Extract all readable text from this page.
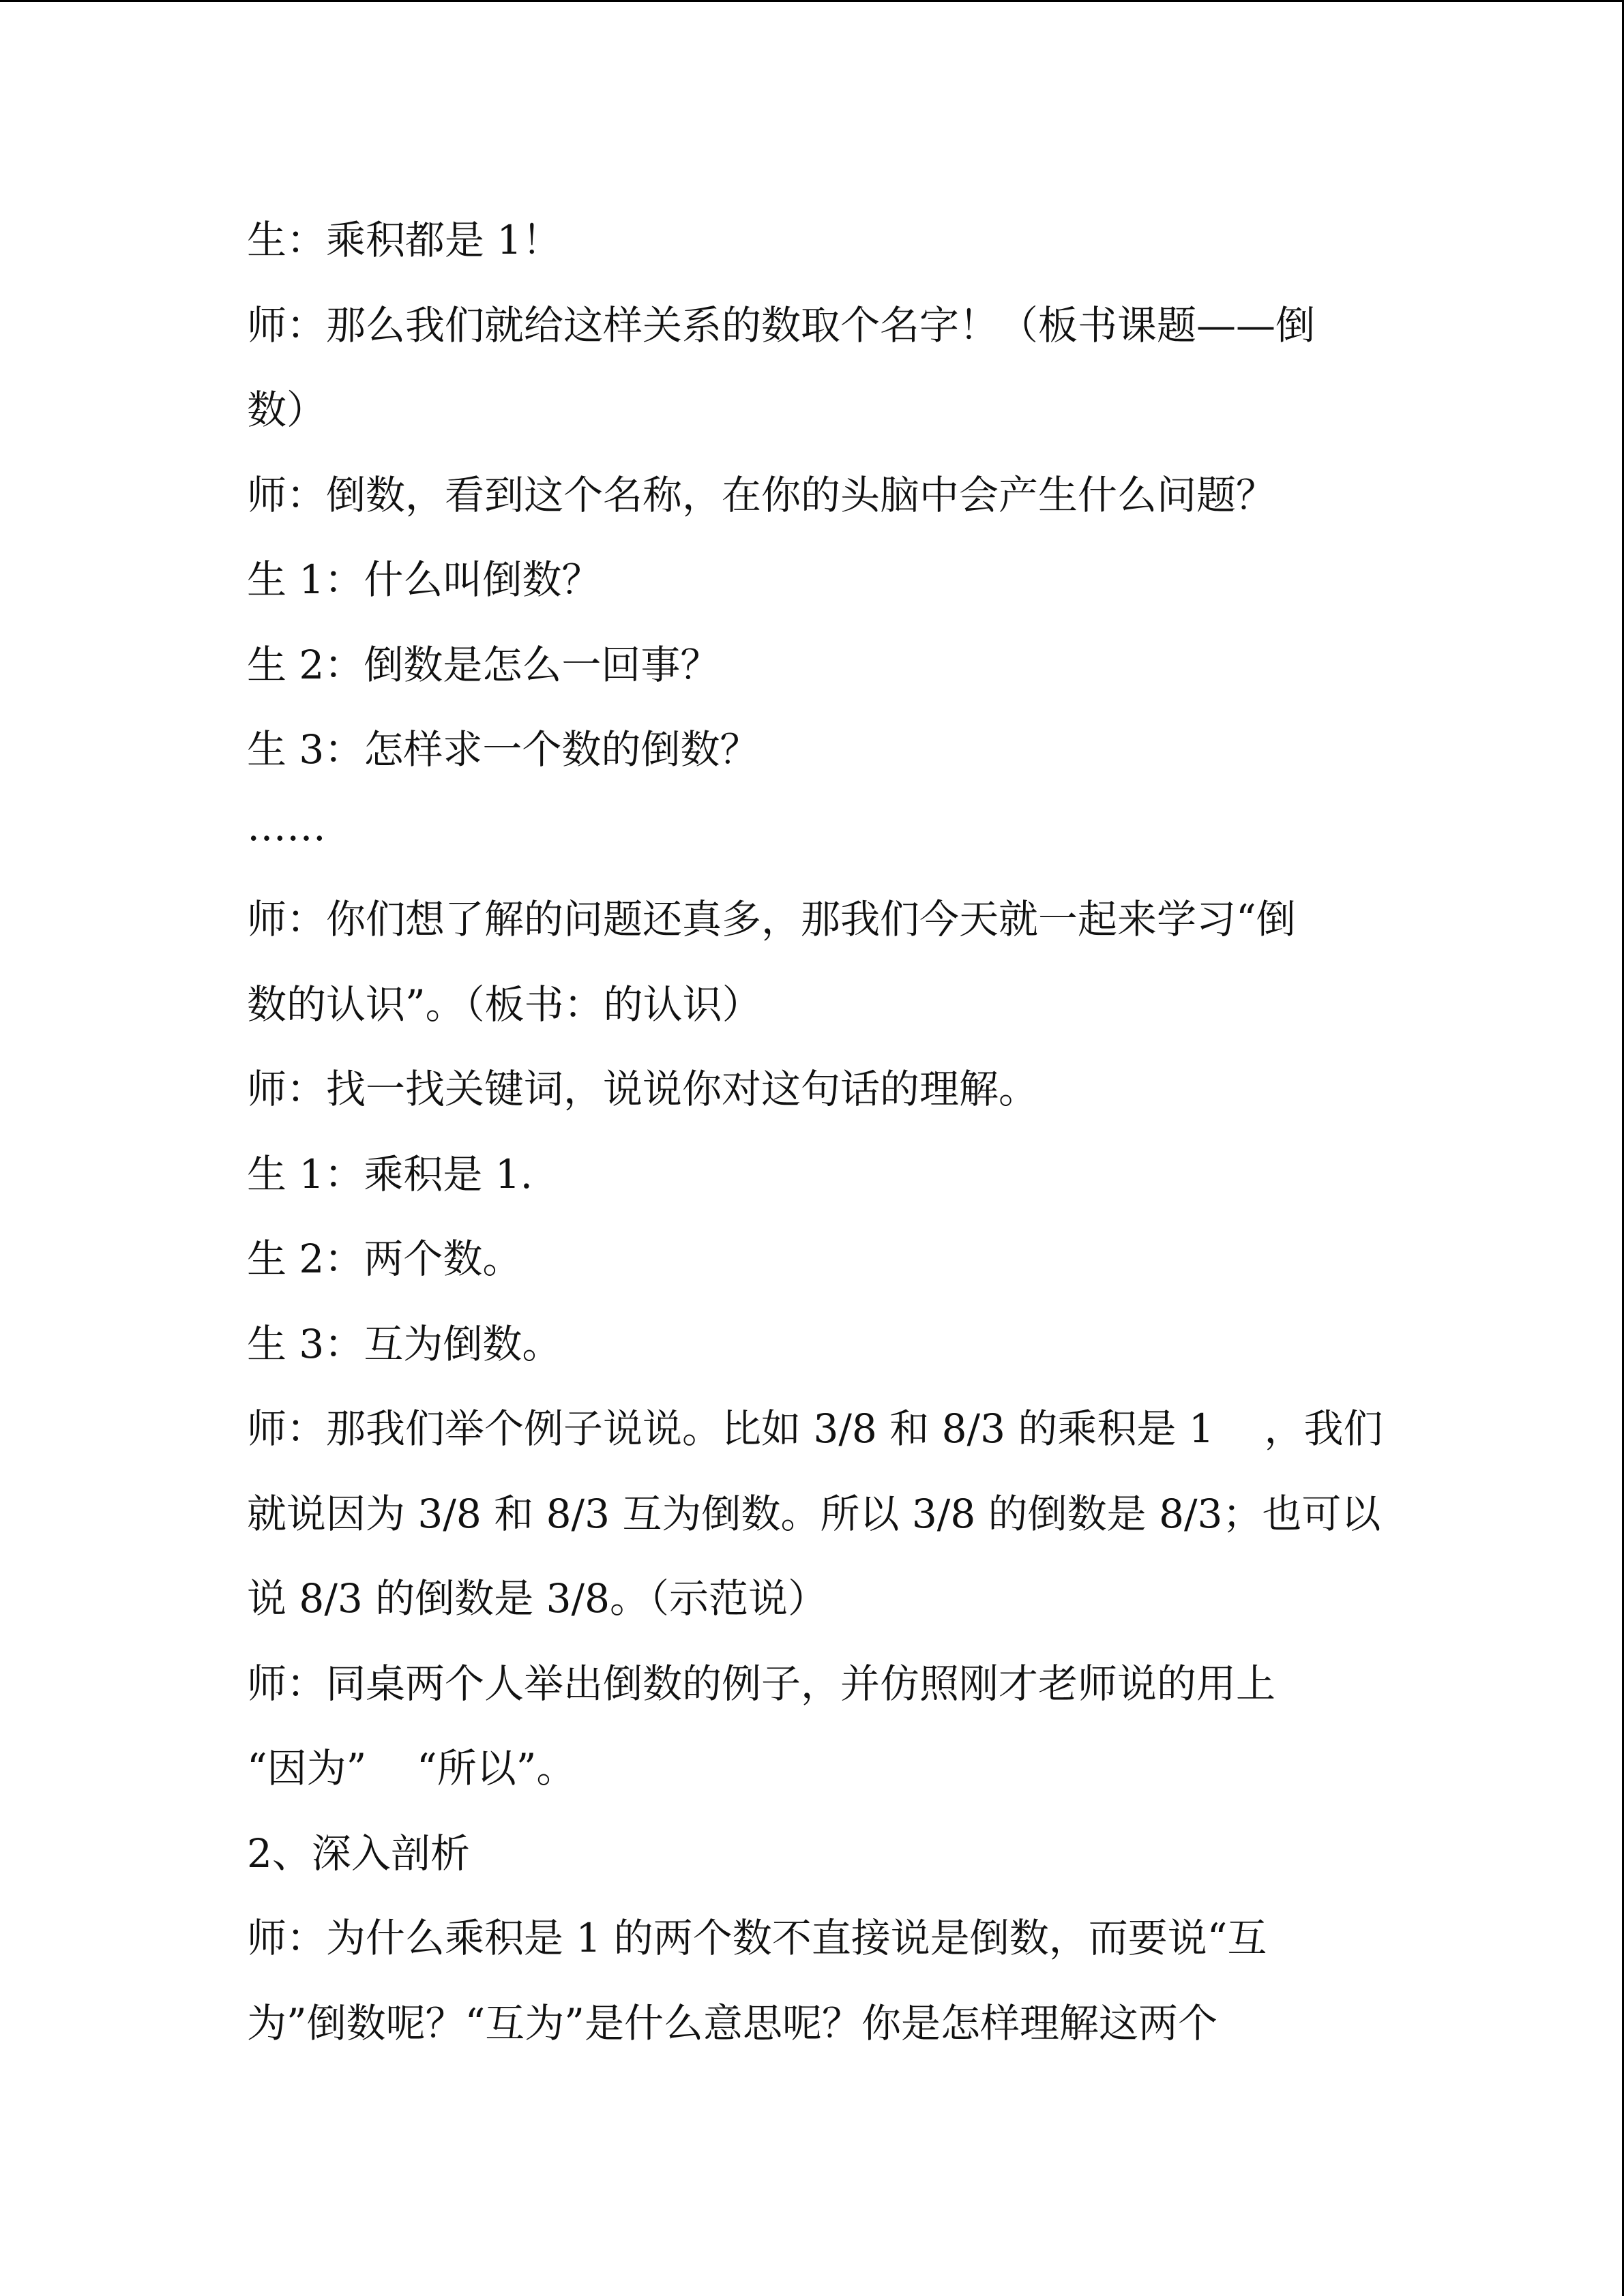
生：乘积都是 1！
师：那么我们就给这样关系的数取个名字！（板书课题——倒
数）
师：倒数，看到这个名称，在你的头脑中会产生什么问题？
生 1：什么叫倒数？
生 2：倒数是怎么一回事？
生 3：怎样求一个数的倒数？
……
师：你们想了解的问题还真多，那我们今天就一起来学习“倒
数的认识”。（板书：的认识）
师：找一找关键词，说说你对这句话的理解。
生 1：乘积是 1.
生 2：两个数。
生 3：互为倒数。
师：那我们举个例子说说。比如 3/8 和 8/3 的乘积是 1    ，我们
就说因为 3/8 和 8/3 互为倒数。所以 3/8 的倒数是 8/3；也可以
说 8/3 的倒数是 3/8。（示范说）
师：同桌两个人举出倒数的例子，并仿照刚才老师说的用上
“因为”    “所以”。
2、深入剖析
师：为什么乘积是 1 的两个数不直接说是倒数，而要说“互
为”倒数呢？“互为”是什么意思呢？你是怎样理解这两个
